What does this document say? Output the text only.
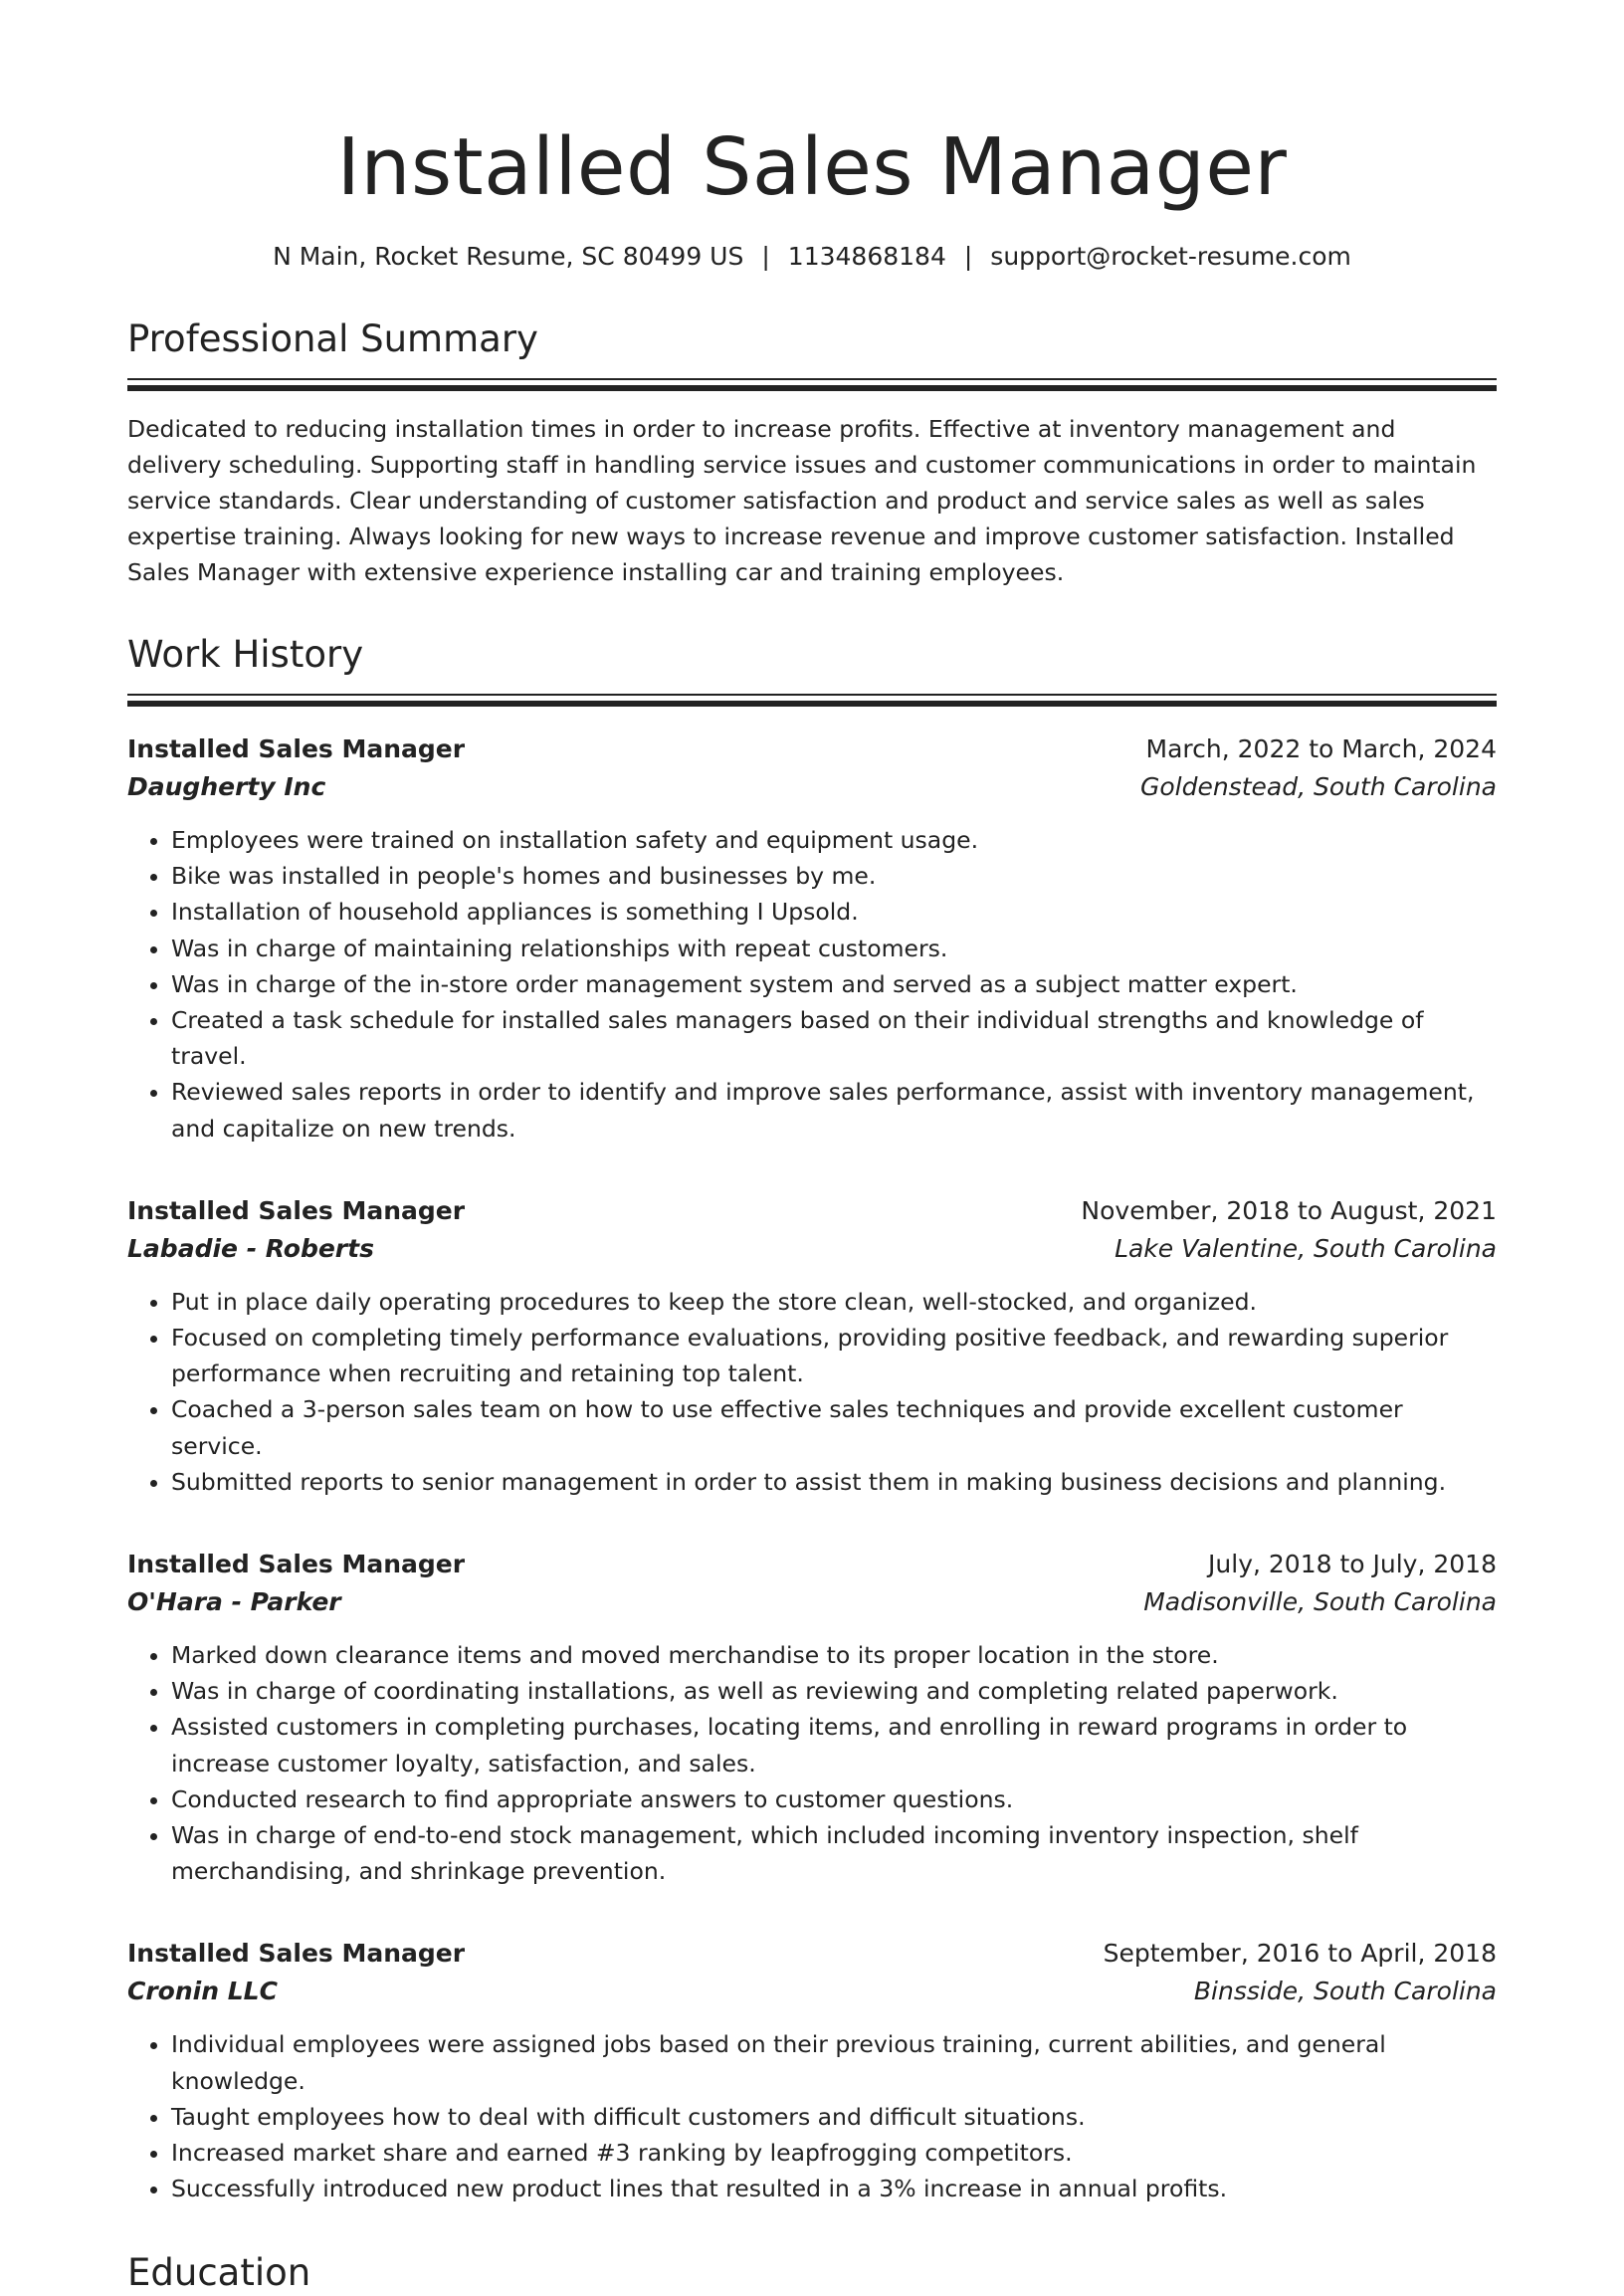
Installed Sales Manager
N Main, Rocket Resume, SC 80499 US | 1134868184 | support@rocket-resume.com
Professional Summary

Dedicated to reducing installation times in order to increase profits. Effective at inventory management and delivery scheduling. Supporting staff in handling service issues and customer communications in order to maintain service standards. Clear understanding of customer satisfaction and product and service sales as well as sales expertise training. Always looking for new ways to increase revenue and improve customer satisfaction. Installed Sales Manager with extensive experience installing car and training employees.

Work History
Installed Sales Manager	March, 2022 to March, 2024
Daugherty Inc	Goldenstead, South Carolina
• Employees were trained on installation safety and equipment usage.
• Bike was installed in people's homes and businesses by me.
• Installation of household appliances is something I Upsold.
• Was in charge of maintaining relationships with repeat customers.
• Was in charge of the in-store order management system and served as a subject matter expert.
• Created a task schedule for installed sales managers based on their individual strengths and knowledge of travel.
• Reviewed sales reports in order to identify and improve sales performance, assist with inventory management, and capitalize on new trends.
Installed Sales Manager	November, 2018 to August, 2021
Labadie - Roberts	Lake Valentine, South Carolina
• Put in place daily operating procedures to keep the store clean, well-stocked, and organized.
• Focused on completing timely performance evaluations, providing positive feedback, and rewarding superior performance when recruiting and retaining top talent.
• Coached a 3-person sales team on how to use effective sales techniques and provide excellent customer service.
• Submitted reports to senior management in order to assist them in making business decisions and planning.
Installed Sales Manager	July, 2018 to July, 2018
O'Hara - Parker	Madisonville, South Carolina
• Marked down clearance items and moved merchandise to its proper location in the store.
• Was in charge of coordinating installations, as well as reviewing and completing related paperwork.
• Assisted customers in completing purchases, locating items, and enrolling in reward programs in order to increase customer loyalty, satisfaction, and sales.
• Conducted research to find appropriate answers to customer questions.
• Was in charge of end-to-end stock management, which included incoming inventory inspection, shelf merchandising, and shrinkage prevention.
Installed Sales Manager	September, 2016 to April, 2018
Cronin LLC	Binsside, South Carolina
• Individual employees were assigned jobs based on their previous training, current abilities, and general knowledge.
• Taught employees how to deal with difficult customers and difficult situations.
• Increased market share and earned #3 ranking by leapfrogging competitors.
• Successfully introduced new product lines that resulted in a 3% increase in annual profits.
Education
